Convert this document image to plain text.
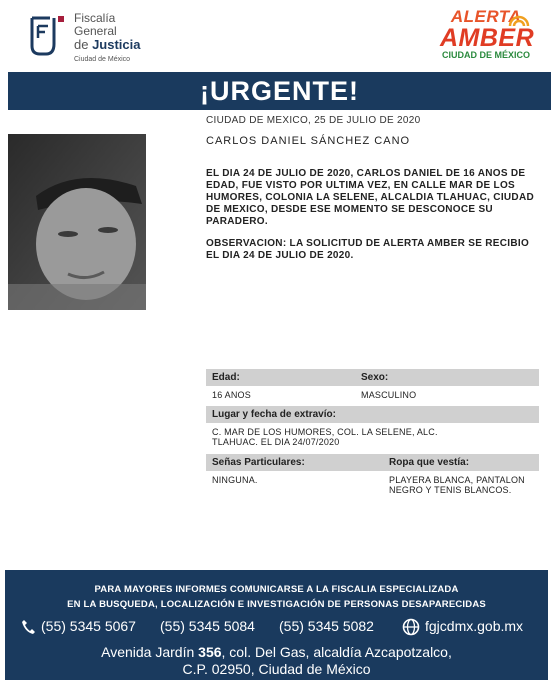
Fiscalía
General
de Justicia
Ciudad de México
ALERTA
AMBER
CIUDAD DE MÉXICO
¡URGENTE!
CIUDAD DE MEXICO, 25 DE JULIO DE 2020
CARLOS DANIEL SÁNCHEZ CANO
EL DIA 24 DE JULIO DE 2020, CARLOS DANIEL DE 16 ANOS DE EDAD, FUE VISTO POR ULTIMA VEZ, EN CALLE MAR DE LOS HUMORES, COLONIA LA SELENE, ALCALDIA TLAHUAC, CIUDAD DE MEXICO, DESDE ESE MOMENTO SE DESCONOCE SU PARADERO.
OBSERVACION: LA SOLICITUD DE ALERTA AMBER SE RECIBIO EL DIA 24 DE JULIO DE 2020.
Edad:	Sexo:
16 ANOS	MASCULINO
Lugar y fecha de extravío:
C. MAR DE LOS HUMORES, COL. LA SELENE, ALC.
TLAHUAC. EL DIA 24/07/2020
Señas Particulares:	Ropa que vestía:
NINGUNA.	PLAYERA BLANCA, PANTALON
NEGRO Y TENIS BLANCOS.
PARA MAYORES INFORMES COMUNICARSE A LA FISCALIA ESPECIALIZADA
EN LA BUSQUEDA, LOCALIZACIÓN E INVESTIGACIÓN DE PERSONAS DESAPARECIDAS
(55) 5345 5067 (55) 5345 5084 (55) 5345 5082	fgjcdmx.gob.mx
Avenida Jardín 356, col. Del Gas, alcaldía Azcapotzalco,
C.P. 02950, Ciudad de México
